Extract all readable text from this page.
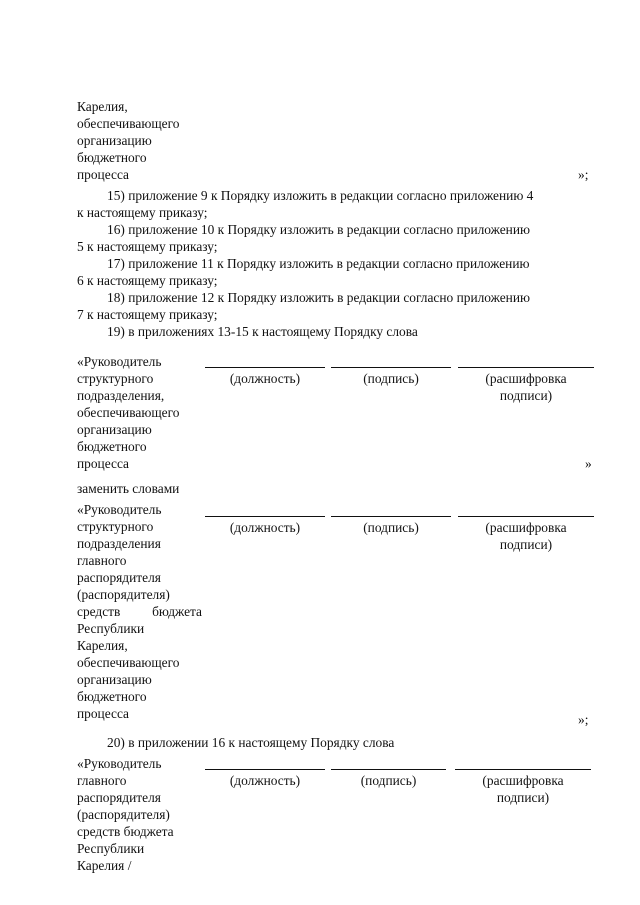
Карелия,
обеспечивающего
организацию
бюджетного
процесса	»;
15) приложение 9 к Порядку изложить в редакции согласно приложению 4
к настоящему приказу;
16) приложение 10 к Порядку изложить в редакции согласно приложению
5 к настоящему приказу;
17) приложение 11 к Порядку изложить в редакции согласно приложению
6 к настоящему приказу;
18) приложение 12 к Порядку изложить в редакции согласно приложению
7 к настоящему приказу;
19) в приложениях 13-15 к настоящему Порядку слова
«Руководитель
структурного
подразделения,
обеспечивающего
организацию
бюджетного
процесса
(должность)	(подпись)	(расшифровка
подписи)
»
заменить словами
«Руководитель
структурного
подразделения
главного
распорядителя
(распорядителя)
средств бюджета
Республики
Карелия,
обеспечивающего
организацию
бюджетного
процесса
(должность)	(подпись)	(расшифровка
подписи)
»;
20) в приложении 16 к настоящему Порядку слова
«Руководитель
главного
распорядителя
(распорядителя)
средств бюджета
Республики
Карелия /
(должность)	(подпись)	(расшифровка
подписи)
